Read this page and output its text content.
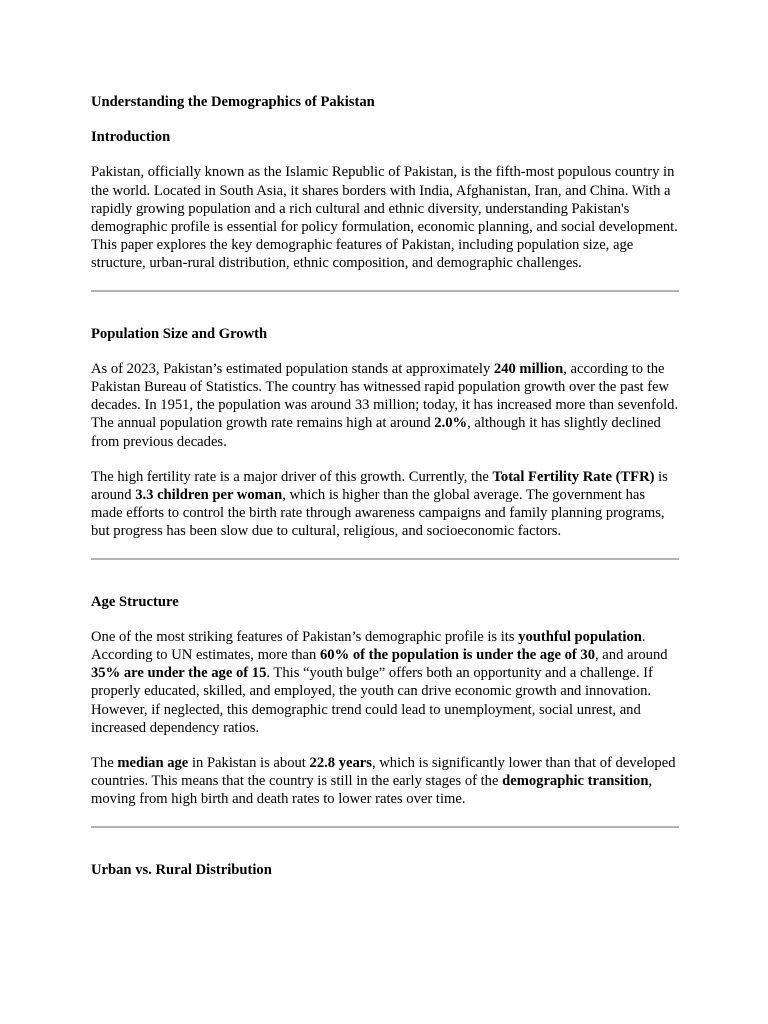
Understanding the Demographics of Pakistan
Introduction

Pakistan, officially known as the Islamic Republic of Pakistan, is the fifth-most populous country in the world. Located in South Asia, it shares borders with India, Afghanistan, Iran, and China. With a rapidly growing population and a rich cultural and ethnic diversity, understanding Pakistan's demographic profile is essential for policy formulation, economic planning, and social development. This paper explores the key demographic features of Pakistan, including population size, age structure, urban-rural distribution, ethnic composition, and demographic challenges.

Population Size and Growth

As of 2023, Pakistan’s estimated population stands at approximately 240 million, according to the Pakistan Bureau of Statistics. The country has witnessed rapid population growth over the past few decades. In 1951, the population was around 33 million; today, it has increased more than sevenfold. The annual population growth rate remains high at around 2.0%, although it has slightly declined from previous decades.

The high fertility rate is a major driver of this growth. Currently, the Total Fertility Rate (TFR) is around 3.3 children per woman, which is higher than the global average. The government has made efforts to control the birth rate through awareness campaigns and family planning programs, but progress has been slow due to cultural, religious, and socioeconomic factors.

Age Structure

One of the most striking features of Pakistan’s demographic profile is its youthful population. According to UN estimates, more than 60% of the population is under the age of 30, and around 35% are under the age of 15. This “youth bulge” offers both an opportunity and a challenge. If properly educated, skilled, and employed, the youth can drive economic growth and innovation. However, if neglected, this demographic trend could lead to unemployment, social unrest, and increased dependency ratios.

The median age in Pakistan is about 22.8 years, which is significantly lower than that of developed countries. This means that the country is still in the early stages of the demographic transition, moving from high birth and death rates to lower rates over time.

Urban vs. Rural Distribution
